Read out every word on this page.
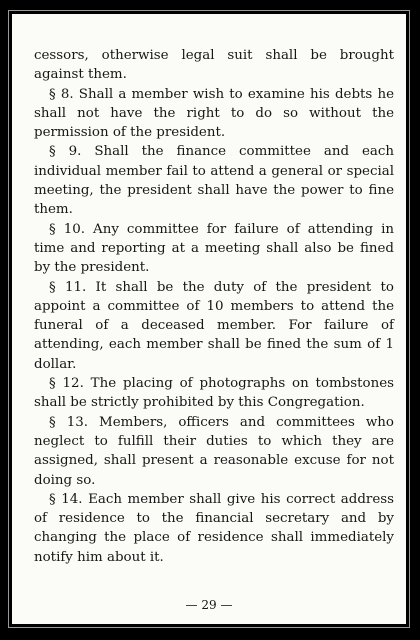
cessors, otherwise legal suit shall be brought against them.

§ 8. Shall a member wish to examine his debts he shall not have the right to do so without the permission of the president.

§ 9. Shall the finance committee and each individual member fail to attend a general or special meeting, the president shall have the power to fine them.

§ 10. Any committee for failure of attending in time and reporting at a meeting shall also be fined by the president.

§ 11. It shall be the duty of the president to appoint a committee of 10 members to attend the funeral of a deceased member. For failure of attending, each member shall be fined the sum of 1 dollar.

§ 12. The placing of photographs on tombstones shall be strictly prohibited by this Congregation.

§ 13. Members, officers and committees who neglect to fulfill their duties to which they are assigned, shall present a reasonable excuse for not doing so.

§ 14. Each member shall give his correct address of residence to the financial secretary and by changing the place of residence shall immediately notify him about it.

— 29 —
